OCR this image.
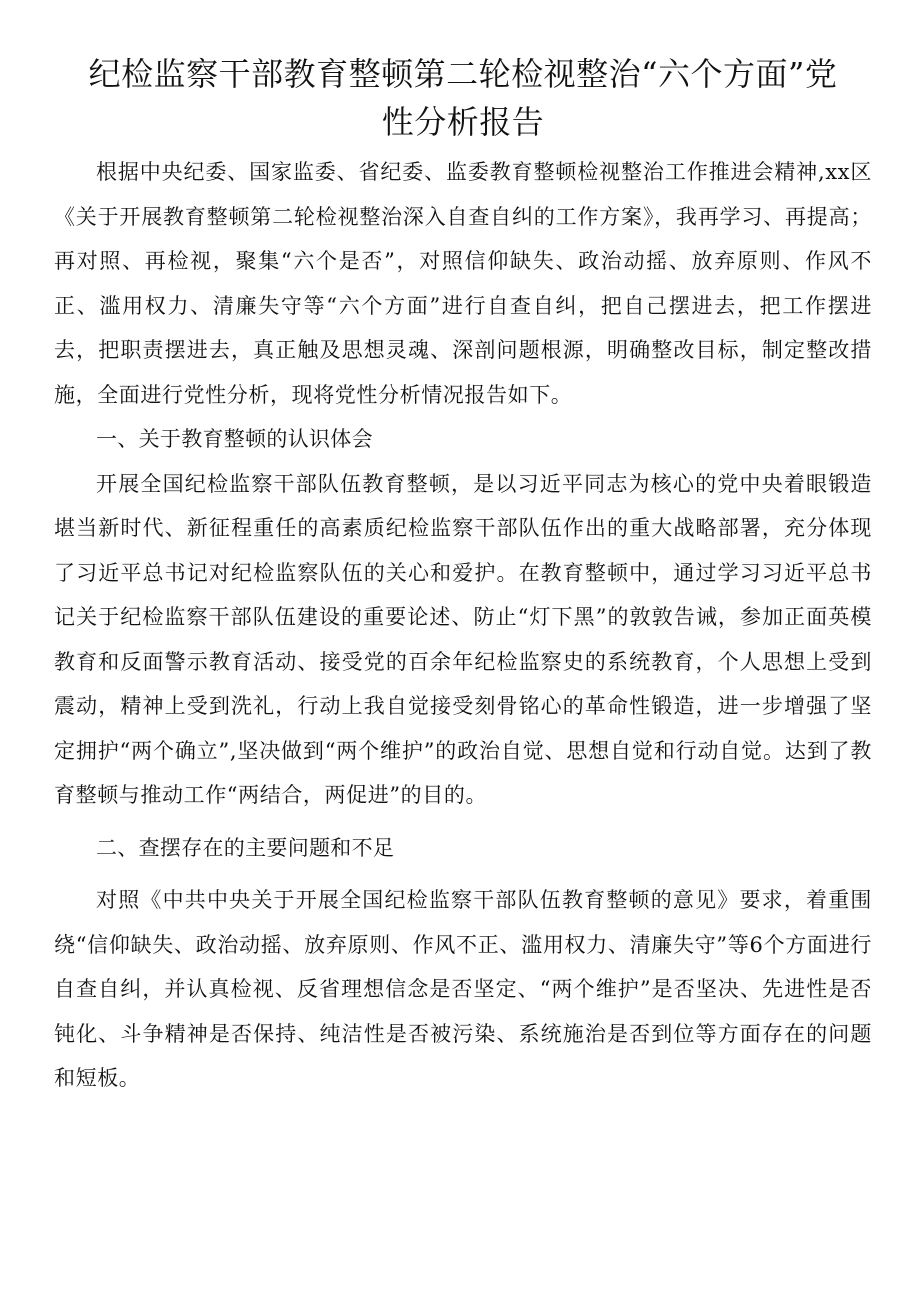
纪检监察干部教育整顿第二轮检视整治“六个方面”党
性分析报告

根据中央纪委、国家监委、省纪委、监委教育整顿检视整治工作推进会精神,xx区《关于开展教育整顿第二轮检视整治深入自查自纠的工作方案》，我再学习、再提高；再对照、再检视，聚集“六个是否”，对照信仰缺失、政治动摇、放弃原则、作风不正、滥用权力、清廉失守等“六个方面”进行自查自纠，把自己摆进去，把工作摆进去，把职责摆进去，真正触及思想灵魂、深剖问题根源，明确整改目标，制定整改措施，全面进行党性分析，现将党性分析情况报告如下。

一、关于教育整顿的认识体会

开展全国纪检监察干部队伍教育整顿，是以习近平同志为核心的党中央着眼锻造堪当新时代、新征程重任的高素质纪检监察干部队伍作出的重大战略部署，充分体现了习近平总书记对纪检监察队伍的关心和爱护。在教育整顿中，通过学习习近平总书记关于纪检监察干部队伍建设的重要论述、防止“灯下黑”的敦敦告诫，参加正面英模教育和反面警示教育活动、接受党的百余年纪检监察史的系统教育，个人思想上受到震动，精神上受到洗礼，行动上我自觉接受刻骨铭心的革命性锻造，进一步增强了坚定拥护“两个确立”,坚决做到“两个维护”的政治自觉、思想自觉和行动自觉。达到了教育整顿与推动工作“两结合，两促进”的目的。

二、查摆存在的主要问题和不足

对照《中共中央关于开展全国纪检监察干部队伍教育整顿的意见》要求，着重围绕“信仰缺失、政治动摇、放弃原则、作风不正、滥用权力、清廉失守”等6个方面进行自查自纠，并认真检视、反省理想信念是否坚定、“两个维护”是否坚决、先进性是否钝化、斗争精神是否保持、纯洁性是否被污染、系统施治是否到位等方面存在的问题和短板。
